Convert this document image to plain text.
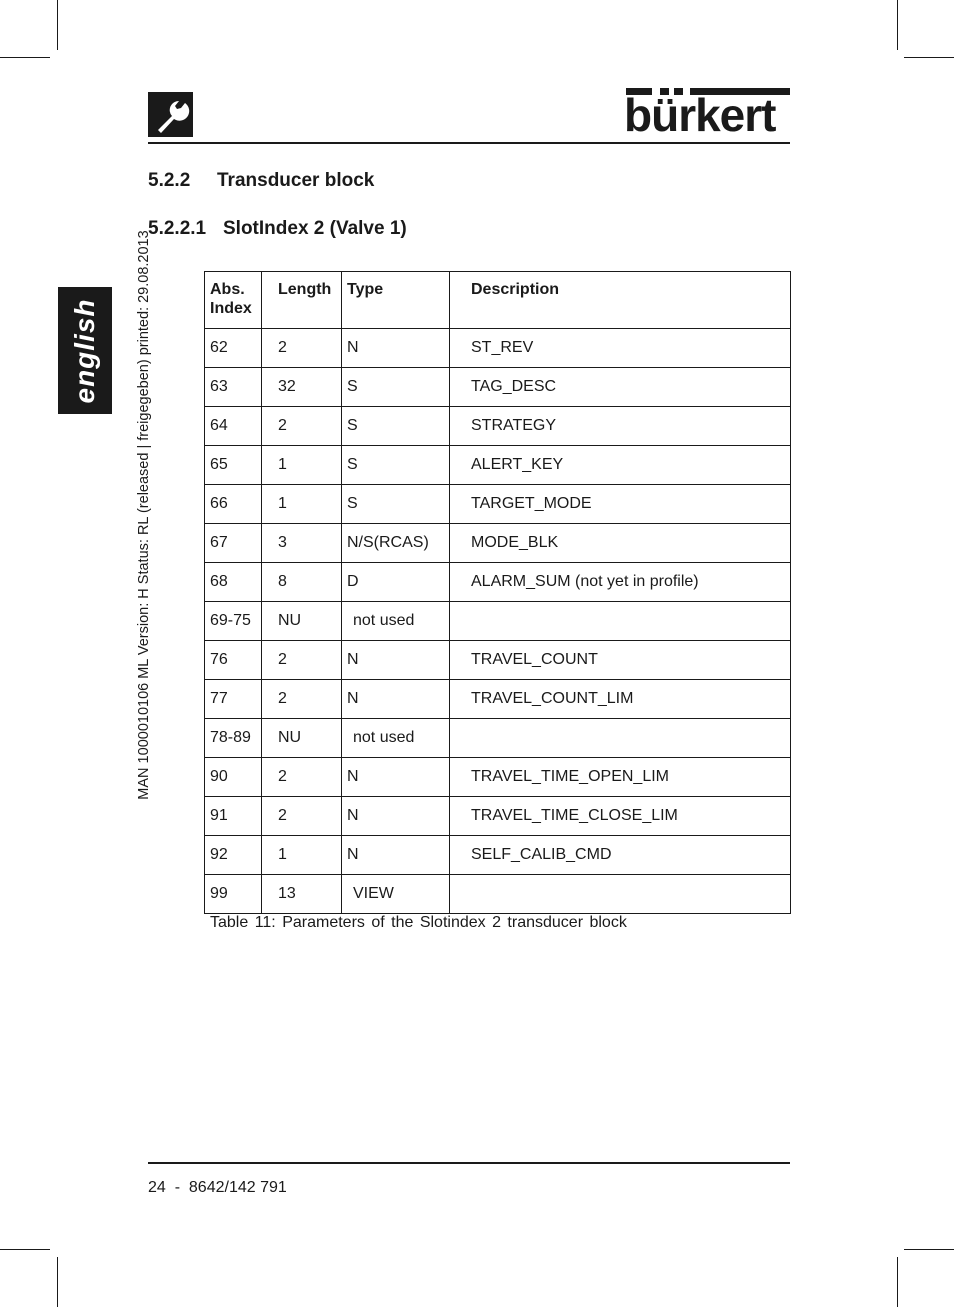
bürkert
english MAN 1000010106 ML Version: H Status: RL (released | freigegeben) printed: 29.08.2013
5.2.2 Transducer block
5.2.2.1 SlotIndex 2 (Valve 1)
Abs.
Index	Length	Type	Description
62	2	N	ST_REV
63	32	S	TAG_DESC
64	2	S	STRATEGY
65	1	S	ALERT_KEY
66	1	S	TARGET_MODE
67	3	N/S(RCAS)	MODE_BLK
68	8	D	ALARM_SUM (not yet in profile)
69-75	NU	not used	
76	2	N	TRAVEL_COUNT
77	2	N	TRAVEL_COUNT_LIM
78-89	NU	not used	
90	2	N	TRAVEL_TIME_OPEN_LIM
91	2	N	TRAVEL_TIME_CLOSE_LIM
92	1	N	SELF_CALIB_CMD
99	13	VIEW	
Table 11: Parameters of the Slotindex 2 transducer block
24 - 8642/142 791
